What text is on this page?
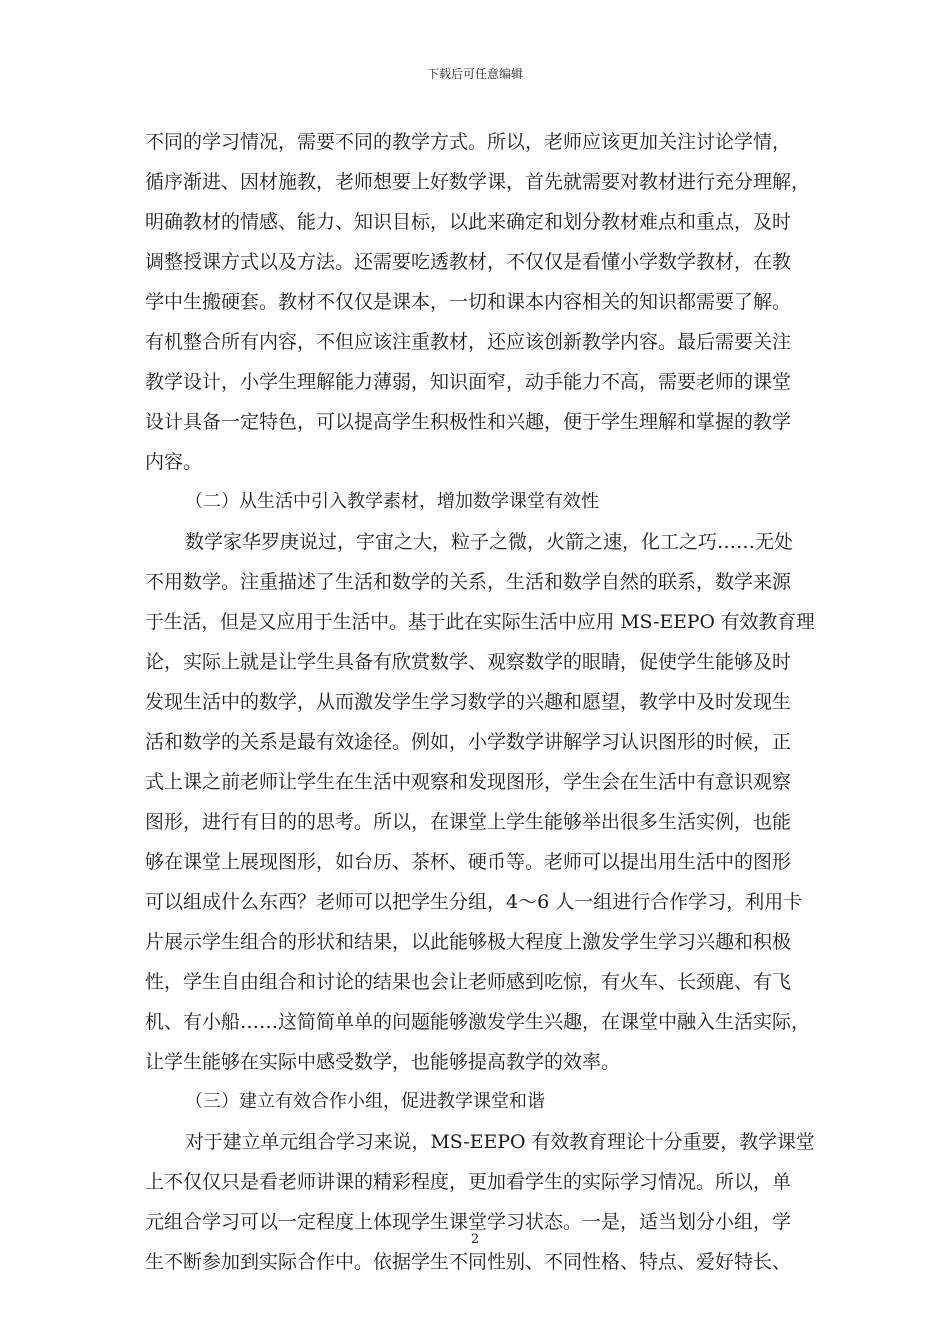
下载后可任意编辑
不同的学习情况，需要不同的教学方式。所以，老师应该更加关注讨论学情，
循序渐进、因材施教，老师想要上好数学课，首先就需要对教材进行充分理解，
明确教材的情感、能力、知识目标，以此来确定和划分教材难点和重点，及时
调整授课方式以及方法。还需要吃透教材，不仅仅是看懂小学数学教材，在教
学中生搬硬套。教材不仅仅是课本，一切和课本内容相关的知识都需要了解。
有机整合所有内容，不但应该注重教材，还应该创新教学内容。最后需要关注
教学设计，小学生理解能力薄弱，知识面窄，动手能力不高，需要老师的课堂
设计具备一定特色，可以提高学生积极性和兴趣，便于学生理解和掌握的教学
内容。
（二）从生活中引入教学素材，增加数学课堂有效性
数学家华罗庚说过，宇宙之大，粒子之微，火箭之速，化工之巧……无处
不用数学。注重描述了生活和数学的关系，生活和数学自然的联系，数学来源
于生活，但是又应用于生活中。基于此在实际生活中应用 MS-EEPO 有效教育理
论，实际上就是让学生具备有欣赏数学、观察数学的眼睛，促使学生能够及时
发现生活中的数学，从而激发学生学习数学的兴趣和愿望，教学中及时发现生
活和数学的关系是最有效途径。例如，小学数学讲解学习认识图形的时候，正
式上课之前老师让学生在生活中观察和发现图形，学生会在生活中有意识观察
图形，进行有目的的思考。所以，在课堂上学生能够举出很多生活实例，也能
够在课堂上展现图形，如台历、茶杯、硬币等。老师可以提出用生活中的图形
可以组成什么东西？老师可以把学生分组，4～6 人一组进行合作学习，利用卡
片展示学生组合的形状和结果，以此能够极大程度上激发学生学习兴趣和积极
性，学生自由组合和讨论的结果也会让老师感到吃惊，有火车、长颈鹿、有飞
机、有小船……这简简单单的问题能够激发学生兴趣，在课堂中融入生活实际，
让学生能够在实际中感受数学，也能够提高教学的效率。
（三）建立有效合作小组，促进教学课堂和谐
对于建立单元组合学习来说，MS-EEPO 有效教育理论十分重要，教学课堂
上不仅仅只是看老师讲课的精彩程度，更加看学生的实际学习情况。所以，单
元组合学习可以一定程度上体现学生课堂学习状态。一是，适当划分小组，学
生不断参加到实际合作中。依据学生不同性别、不同性格、特点、爱好特长、
2
